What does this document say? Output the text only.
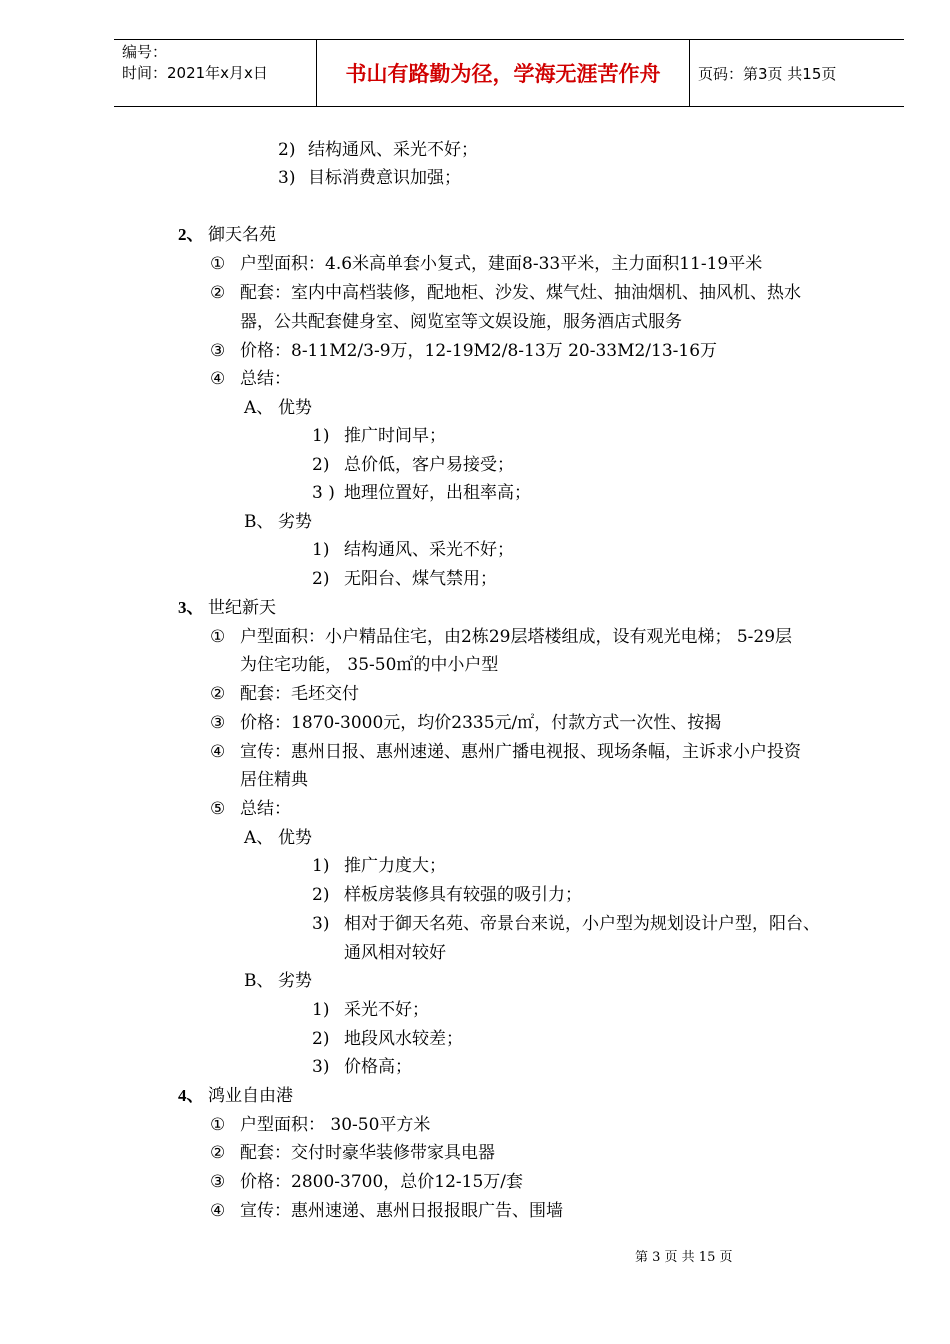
编号：
时间：2021年x月x日	书山有路勤为径，学海无涯苦作舟	页码：第3页 共15页
2) 结构通风、采光不好；
3) 目标消费意识加强；
2、 御天名苑
① 户型面积：4.6米高单套小复式，建面8-33平米，主力面积11-19平米
② 配套：室内中高档装修，配地柜、沙发、煤气灶、抽油烟机、抽风机、热水
器，公共配套健身室、阅览室等文娱设施，服务酒店式服务
③ 价格：8-11M2/3-9万，12-19M2/8-13万 20-33M2/13-16万
④ 总结：
A、 优势
1) 推广时间早；
2) 总价低，客户易接受；
3 ) 地理位置好，出租率高；
B、 劣势
1) 结构通风、采光不好；
2) 无阳台、煤气禁用；
3、 世纪新天
① 户型面积：小户精品住宅，由2栋29层塔楼组成，设有观光电梯； 5-29层
为住宅功能， 35-50㎡的中小户型
② 配套：毛坯交付
③ 价格：1870-3000元，均价2335元/㎡，付款方式一次性、按揭
④ 宣传：惠州日报、惠州速递、惠州广播电视报、现场条幅，主诉求小户投资
居住精典
⑤ 总结：
A、 优势
1) 推广力度大；
2) 样板房装修具有较强的吸引力；
3) 相对于御天名苑、帝景台来说，小户型为规划设计户型，阳台、
通风相对较好
B、 劣势
1) 采光不好；
2) 地段风水较差；
3) 价格高；
4、 鸿业自由港
① 户型面积： 30-50平方米
② 配套：交付时豪华装修带家具电器
③ 价格：2800-3700，总价12-15万/套
④ 宣传：惠州速递、惠州日报报眼广告、围墙
第 3 页 共 15 页
